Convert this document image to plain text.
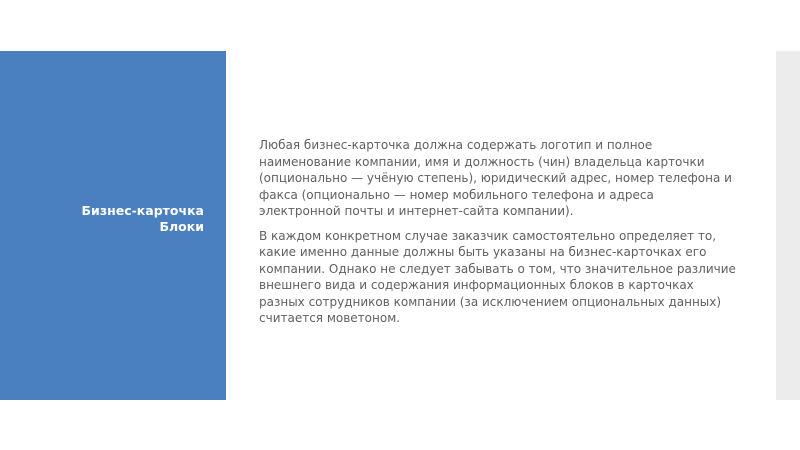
Бизнес-карточка
Блоки

Любая бизнес-карточка должна содержать логотип и полное наименование компании, имя и должность (чин) владельца карточки (опционально — учёную степень), юридический адрес, номер телефона и факса (опционально — номер мобильного телефона и адреса электронной почты и интернет-сайта компании).

В каждом конкретном случае заказчик самостоятельно определяет то, какие именно данные должны быть указаны на бизнес-карточках его компании. Однако не следует забывать о том, что значительное различие внешнего вида и содержания информационных блоков в карточках разных сотрудников компании (за исключением опциональных данных) считается моветоном.
